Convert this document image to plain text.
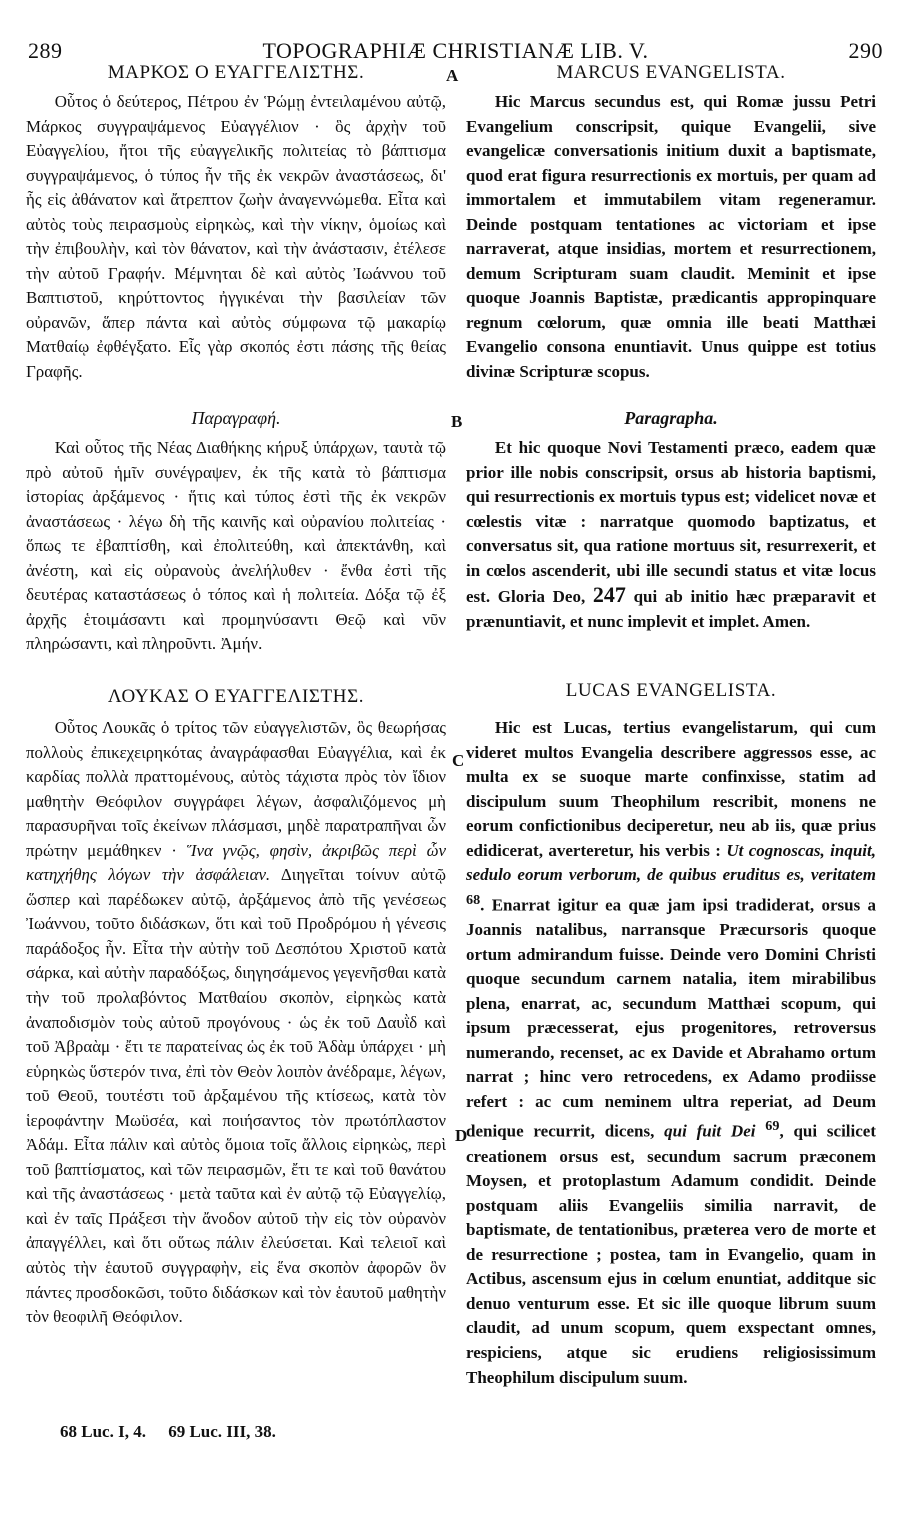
289	TOPOGRAPHIÆ CHRISTIANÆ LIB. V.	290
A
B
C
D
ΜΑΡΚΟΣ Ο ΕΥΑΓΓΕΛΙΣΤΗΣ.

Οὗτος ὁ δεύτερος, Πέτρου ἐν Ῥώμῃ ἐντειλαμένου αὐτῷ, Μάρκος συγγραψάμενος Εὐαγγέλιον · ὃς ἀρχὴν τοῦ Εὐαγγελίου, ἤτοι τῆς εὐαγγελικῆς πολιτείας τὸ βάπτισμα συγγραψάμενος, ὁ τύπος ἦν τῆς ἐκ νεκρῶν ἀναστάσεως, δι' ἧς εἰς ἀθάνατον καὶ ἄτρεπτον ζωὴν ἀναγεννώμεθα. Εἶτα καὶ αὐτὸς τοὺς πειρασμοὺς εἰρηκὼς, καὶ τὴν νίκην, ὁμοίως καὶ τὴν ἐπιβουλὴν, καὶ τὸν θάνατον, καὶ τὴν ἀνάστασιν, ἐτέλεσε τὴν αὐτοῦ Γραφήν. Μέμνηται δὲ καὶ αὐτὸς Ἰωάννου τοῦ Βαπτιστοῦ, κηρύττοντος ἠγγικέναι τὴν βασιλείαν τῶν οὐρανῶν, ἅπερ πάντα καὶ αὐτὸς σύμφωνα τῷ μακαρίῳ Ματθαίῳ ἐφθέγξατο. Εἷς γὰρ σκοπός ἐστι πάσης τῆς θείας Γραφῆς.

Παραγραφή.

Καὶ οὗτος τῆς Νέας Διαθήκης κήρυξ ὑπάρχων, ταυτὰ τῷ πρὸ αὐτοῦ ἡμῖν συνέγραψεν, ἐκ τῆς κατὰ τὸ βάπτισμα ἱστορίας ἀρξάμενος · ἥτις καὶ τύπος ἐστὶ τῆς ἐκ νεκρῶν ἀναστάσεως · λέγω δὴ τῆς καινῆς καὶ οὐρανίου πολιτείας · ὅπως τε ἐβαπτίσθη, καὶ ἐπολιτεύθη, καὶ ἀπεκτάνθη, καὶ ἀνέστη, καὶ εἰς οὐρανοὺς ἀνελήλυθεν · ἔνθα ἐστὶ τῆς δευτέρας καταστάσεως ὁ τόπος καὶ ἡ πολιτεία. Δόξα τῷ ἐξ ἀρχῆς ἑτοιμάσαντι καὶ προμηνύσαντι Θεῷ καὶ νῦν πληρώσαντι, καὶ πληροῦντι. Ἀμήν.

ΛΟΥΚΑΣ Ο ΕΥΑΓΓΕΛΙΣΤΗΣ.

Οὗτος Λουκᾶς ὁ τρίτος τῶν εὐαγγελιστῶν, ὃς θεωρήσας πολλοὺς ἐπικεχειρηκότας ἀναγράφασθαι Εὐαγγέλια, καὶ ἐκ καρδίας πολλὰ πραττομένους, αὐτὸς τάχιστα πρὸς τὸν ἴδιον μαθητὴν Θεόφιλον συγγράφει λέγων, ἀσφαλιζόμενος μὴ παρασυρῆναι τοῖς ἐκείνων πλάσμασι, μηδὲ παρατραπῆναι ὧν πρώτην μεμάθηκεν · Ἵνα γνῷς, φησὶν, ἀκριβῶς περὶ ὧν κατηχήθης λόγων τὴν ἀσφάλειαν. Διηγεῖται τοίνυν αὐτῷ ὥσπερ καὶ παρέδωκεν αὐτῷ, ἀρξάμενος ἀπὸ τῆς γενέσεως Ἰωάννου, τοῦτο διδάσκων, ὅτι καὶ τοῦ Προδρόμου ἡ γένεσις παράδοξος ἦν. Εἶτα τὴν αὐτὴν τοῦ Δεσπότου Χριστοῦ κατὰ σάρκα, καὶ αὐτὴν παραδόξως, διηγησάμενος γεγενῆσθαι κατὰ τὴν τοῦ προλαβόντος Ματθαίου σκοπὸν, εἰρηκὼς κατὰ ἀναποδισμὸν τοὺς αὐτοῦ προγόνους · ὡς ἐκ τοῦ Δαυῒδ καὶ τοῦ Ἀβραὰμ · ἔτι τε παρατείνας ὡς ἐκ τοῦ Ἀδὰμ ὑπάρχει · μὴ εὑρηκὼς ὕστερόν τινα, ἐπὶ τὸν Θεὸν λοιπὸν ἀνέδραμε, λέγων, τοῦ Θεοῦ, τουτέστι τοῦ ἀρξαμένου τῆς κτίσεως, κατὰ τὸν ἱεροφάντην Μωϋσέα, καὶ ποιήσαντος τὸν πρωτόπλαστον Ἀδάμ. Εἶτα πάλιν καὶ αὐτὸς ὅμοια τοῖς ἄλλοις εἰρηκὼς, περὶ τοῦ βαπτίσματος, καὶ τῶν πειρασμῶν, ἔτι τε καὶ τοῦ θανάτου καὶ τῆς ἀναστάσεως · μετὰ ταῦτα καὶ ἐν αὐτῷ τῷ Εὐαγγελίῳ, καὶ ἐν ταῖς Πράξεσι τὴν ἄνοδον αὐτοῦ τὴν εἰς τὸν οὐρανὸν ἀπαγγέλλει, καὶ ὅτι οὕτως πάλιν ἐλεύσεται. Καὶ τελειοῖ καὶ αὐτὸς τὴν ἑαυτοῦ συγγραφὴν, εἰς ἕνα σκοπὸν ἀφορῶν ὃν πάντες προσδοκῶσι, τοῦτο διδάσκων καὶ τὸν ἑαυτοῦ μαθητὴν τὸν θεοφιλῆ Θεόφιλον.

MARCUS EVANGELISTA.

Hic Marcus secundus est, qui Romæ jussu Petri Evangelium conscripsit, quique Evangelii, sive evangelicæ conversationis initium duxit a baptismate, quod erat figura resurrectionis ex mortuis, per quam ad immortalem et immutabilem vitam regeneramur. Deinde postquam tentationes ac victoriam et ipse narraverat, atque insidias, mortem et resurrectionem, demum Scripturam suam claudit. Meminit et ipse quoque Joannis Baptistæ, prædicantis appropinquare regnum cœlorum, quæ omnia ille beati Matthæi Evangelio consona enuntiavit. Unus quippe est totius divinæ Scripturæ scopus.

Paragrapha.

Et hic quoque Novi Testamenti præco, eadem quæ prior ille nobis conscripsit, orsus ab historia baptismi, qui resurrectionis ex mortuis typus est; videlicet novæ et cœlestis vitæ : narratque quomodo baptizatus, et conversatus sit, qua ratione mortuus sit, resurrexerit, et in cœlos ascenderit, ubi ille secundi status et vitæ locus est. Gloria Deo, 247 qui ab initio hæc præparavit et prænuntiavit, et nunc implevit et implet. Amen.

LUCAS EVANGELISTA.

Hic est Lucas, tertius evangelistarum, qui cum videret multos Evangelia describere aggressos esse, ac multa ex se suoque marte confinxisse, statim ad discipulum suum Theophilum rescribit, monens ne eorum confictionibus deciperetur, neu ab iis, quæ prius edidicerat, averteretur, his verbis : Ut cognoscas, inquit, sedulo eorum verborum, de quibus eruditus es, veritatem $^{68}$. Enarrat igitur ea quæ jam ipsi tradiderat, orsus a Joannis natalibus, narransque Præcursoris quoque ortum admirandum fuisse. Deinde vero Domini Christi quoque secundum carnem natalia, item mirabilibus plena, enarrat, ac, secundum Matthæi scopum, qui ipsum præcesserat, ejus progenitores, retroversus numerando, recenset, ac ex Davide et Abrahamo ortum narrat ; hinc vero retrocedens, ex Adamo prodiisse refert : ac cum neminem ultra reperiat, ad Deum denique recurrit, dicens, qui fuit Dei $^{69}$, qui scilicet creationem orsus est, secundum sacrum præconem Moysen, et protoplastum Adamum condidit. Deinde postquam aliis Evangeliis similia narravit, de baptismate, de tentationibus, præterea vero de morte et de resurrectione ; postea, tam in Evangelio, quam in Actibus, ascensum ejus in cœlum enuntiat, additque sic denuo venturum esse. Et sic ille quoque librum suum claudit, ad unum scopum, quem exspectant omnes, respiciens, atque sic erudiens religiosissimum Theophilum discipulum suum.

68 Luc. I, 4. 69 Luc. III, 38.
